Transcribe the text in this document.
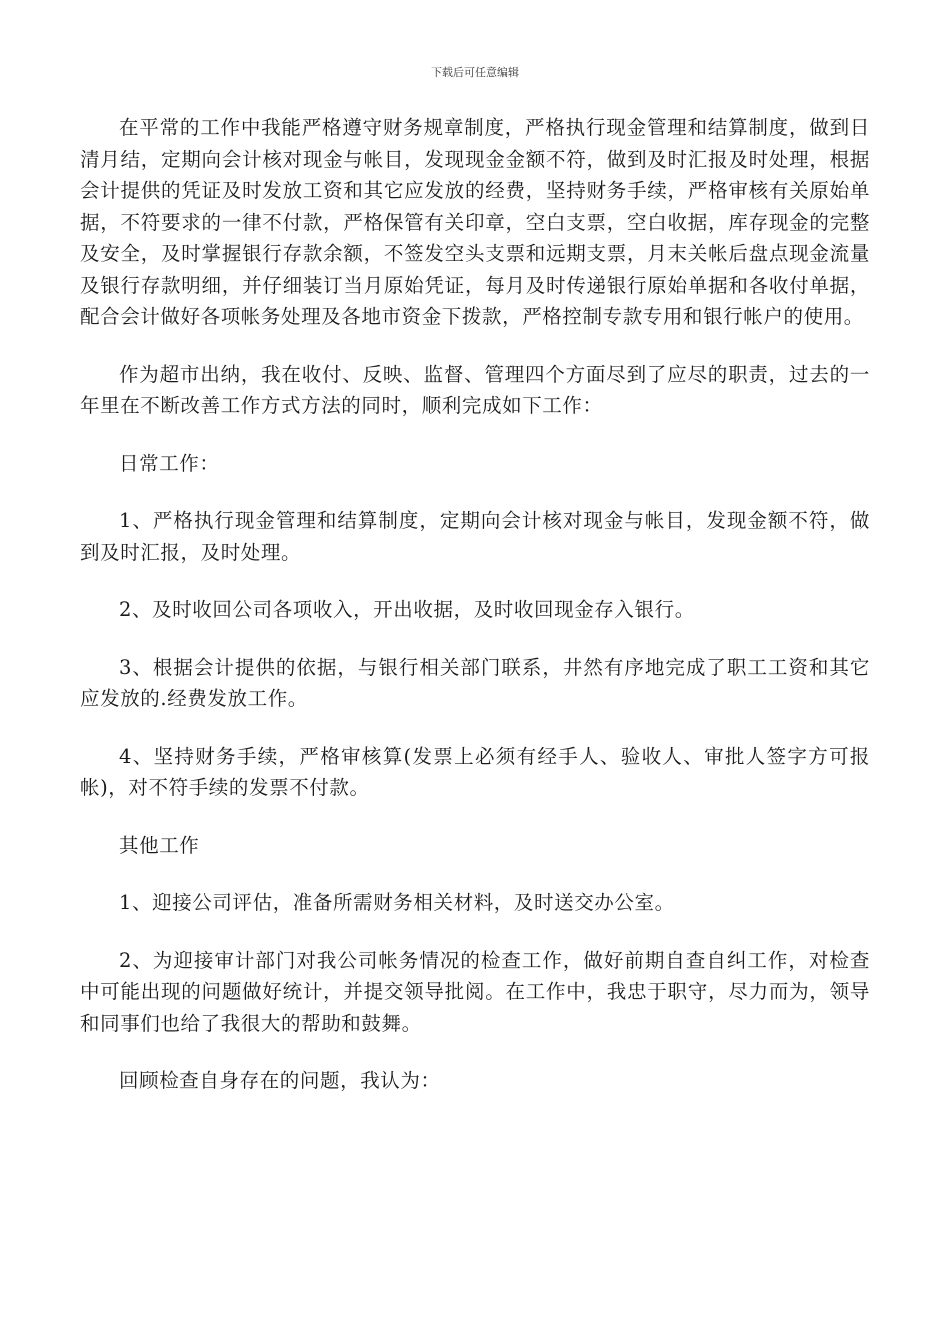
下载后可任意编辑

在平常的工作中我能严格遵守财务规章制度，严格执行现金管理和结算制度，做到日清月结，定期向会计核对现金与帐目，发现现金金额不符，做到及时汇报及时处理，根据会计提供的凭证及时发放工资和其它应发放的经费，坚持财务手续，严格审核有关原始单据，不符要求的一律不付款，严格保管有关印章，空白支票，空白收据，库存现金的完整及安全，及时掌握银行存款余额，不签发空头支票和远期支票，月末关帐后盘点现金流量及银行存款明细，并仔细装订当月原始凭证，每月及时传递银行原始单据和各收付单据，配合会计做好各项帐务处理及各地市资金下拨款，严格控制专款专用和银行帐户的使用。

作为超市出纳，我在收付、反映、监督、管理四个方面尽到了应尽的职责，过去的一年里在不断改善工作方式方法的同时，顺利完成如下工作：

日常工作：

1、严格执行现金管理和结算制度，定期向会计核对现金与帐目，发现金额不符，做到及时汇报，及时处理。

2、及时收回公司各项收入，开出收据，及时收回现金存入银行。

3、根据会计提供的依据，与银行相关部门联系，井然有序地完成了职工工资和其它应发放的.经费发放工作。

4、坚持财务手续，严格审核算(发票上必须有经手人、验收人、审批人签字方可报帐)，对不符手续的发票不付款。

其他工作

1、迎接公司评估，准备所需财务相关材料，及时送交办公室。

2、为迎接审计部门对我公司帐务情况的检查工作，做好前期自查自纠工作，对检查中可能出现的问题做好统计，并提交领导批阅。在工作中，我忠于职守，尽力而为，领导和同事们也给了我很大的帮助和鼓舞。

回顾检查自身存在的问题，我认为：
